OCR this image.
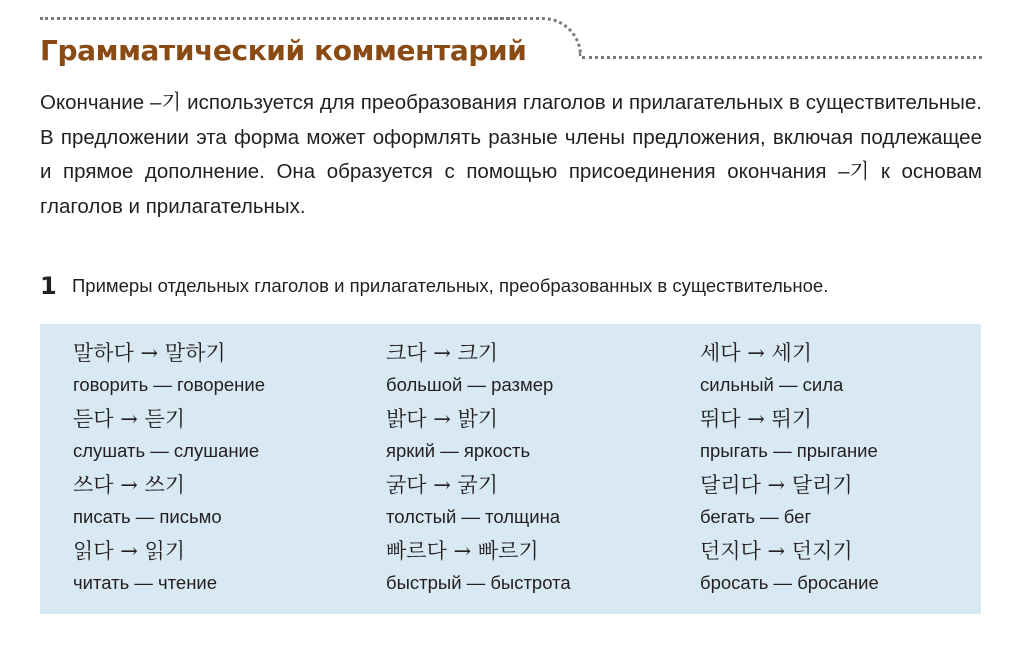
Грамматический комментарий

Окончание –기 используется для преобразования глаголов и прилагательных в существительные. В предложении эта форма может оформлять разные члены предложения, включая подлежащее и прямое дополнение. Она образуется с помощью присоединения окончания –기 к основам глаголов и прилагательных.

1 Примеры отдельных глаголов и прилагательных, преобразованных в существительное.
말하다 → 말하기
говорить — говорение
듣다 → 듣기
слушать — слушание
쓰다 → 쓰기
писать — письмо
읽다 → 읽기
читать — чтение
크다 → 크기
большой — размер
밝다 → 밝기
яркий — яркость
굵다 → 굵기
толстый — толщина
빠르다 → 빠르기
быстрый — быстрота
세다 → 세기
сильный — сила
뛰다 → 뛰기
прыгать — прыгание
달리다 → 달리기
бегать — бег
던지다 → 던지기
бросать — бросание
